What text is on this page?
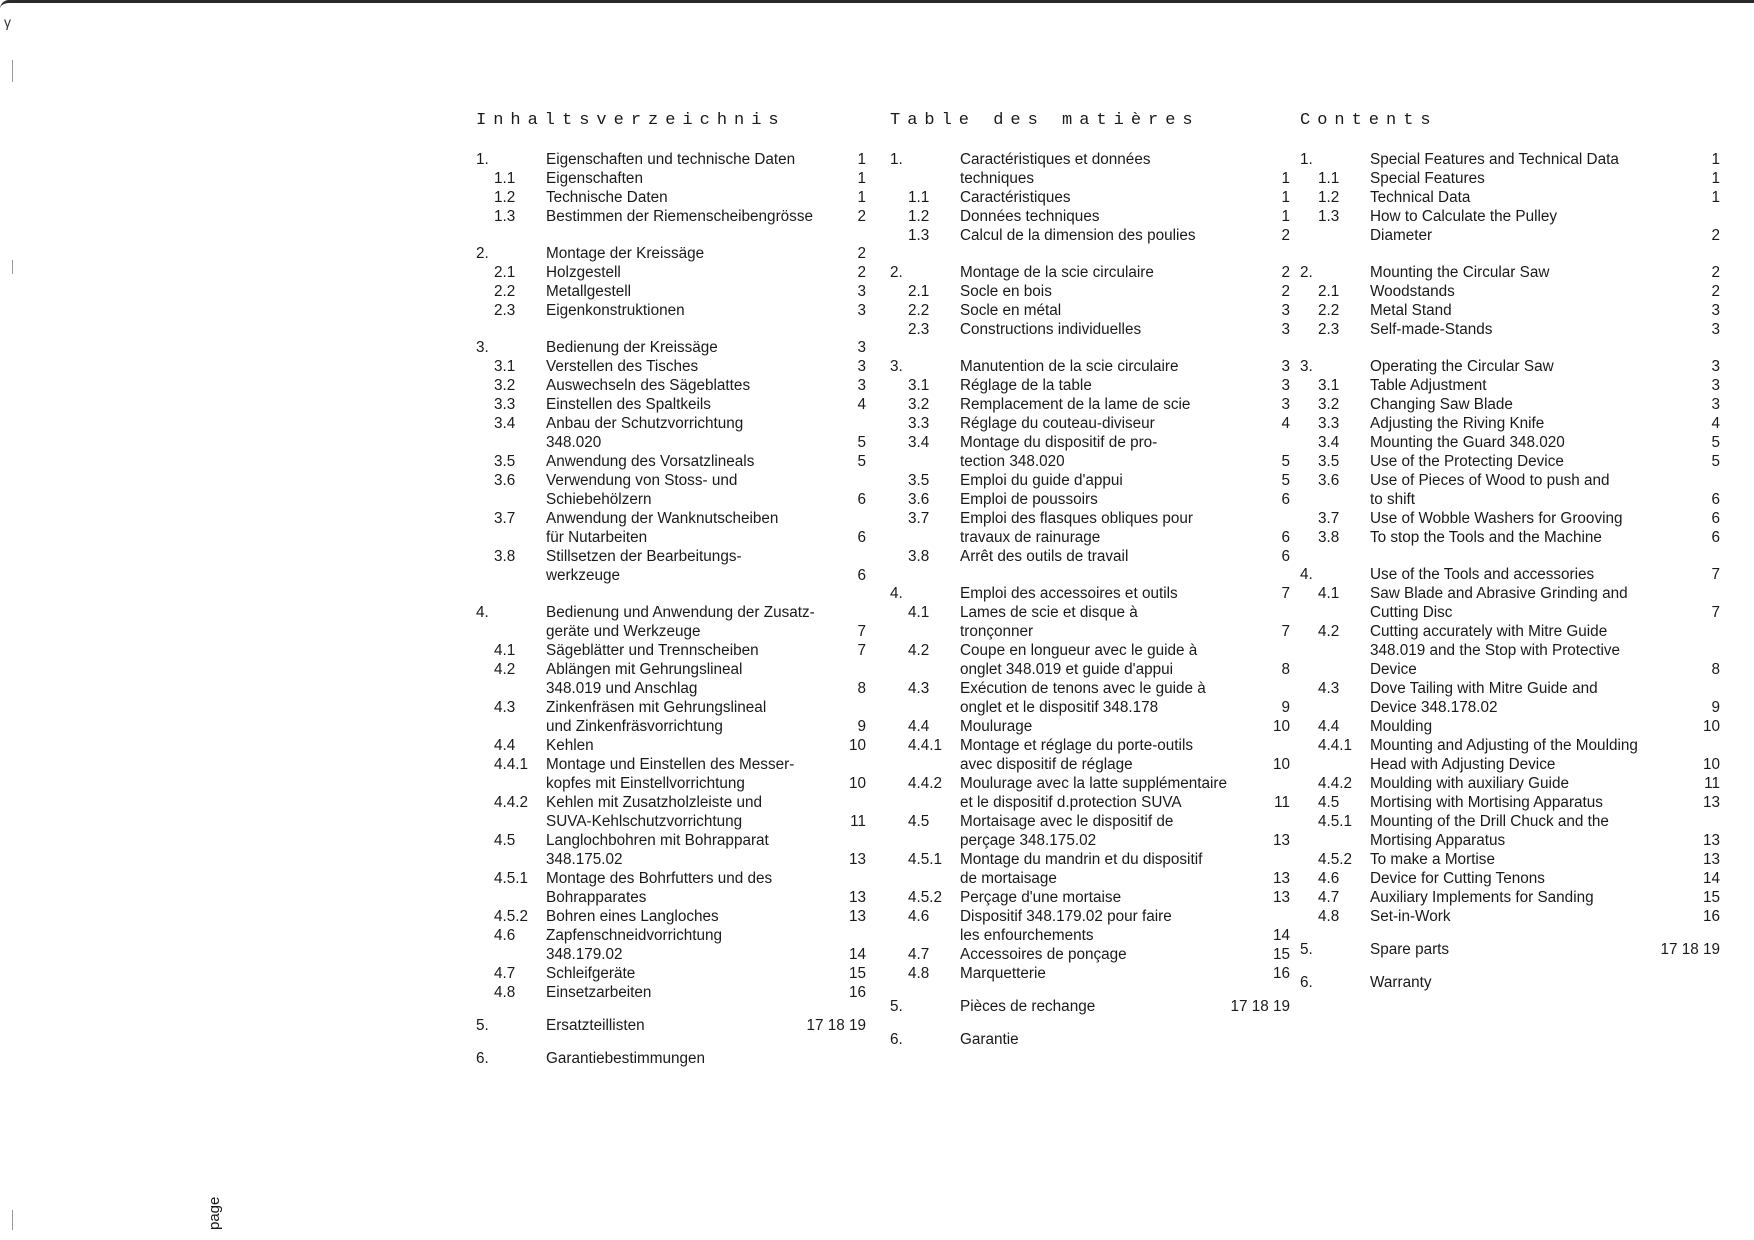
γ
Inhaltsverzeichnis
1.	Eigenschaften und technische Daten	1
1.1	Eigenschaften	1
1.2	Technische Daten	1
1.3	Bestimmen der Riemenscheibengrösse	2
2.	Montage der Kreissäge	2
2.1	Holzgestell	2
2.2	Metallgestell	3
2.3	Eigenkonstruktionen	3
3.	Bedienung der Kreissäge	3
3.1	Verstellen des Tisches	3
3.2	Auswechseln des Sägeblattes	3
3.3	Einstellen des Spaltkeils	4
3.4	Anbau der Schutzvorrichtung
348.020	5
3.5	Anwendung des Vorsatzlineals	5
3.6	Verwendung von Stoss- und
Schiebehölzern	6
3.7	Anwendung der Wanknutscheiben
für Nutarbeiten	6
3.8	Stillsetzen der Bearbeitungs-
werkzeuge	6
4.	Bedienung und Anwendung der Zusatz-
geräte und Werkzeuge	7
4.1	Sägeblätter und Trennscheiben	7
4.2	Ablängen mit Gehrungslineal
348.019 und Anschlag	8
4.3	Zinkenfräsen mit Gehrungslineal
und Zinkenfräsvorrichtung	9
4.4	Kehlen	10
4.4.1	Montage und Einstellen des Messer-
kopfes mit Einstellvorrichtung	10
4.4.2	Kehlen mit Zusatzholzleiste und
SUVA-Kehlschutzvorrichtung	11
4.5	Langlochbohren mit Bohrapparat
348.175.02	13
4.5.1	Montage des Bohrfutters und des
Bohrapparates	13
4.5.2	Bohren eines Langloches	13
4.6	Zapfenschneidvorrichtung
348.179.02	14
4.7	Schleifgeräte	15
4.8	Einsetzarbeiten	16
5.	Ersatzteillisten	17 18 19
6.	Garantiebestimmungen
Table des matières
1.	Caractéristiques et données
techniques	1
1.1	Caractéristiques	1
1.2	Données techniques	1
1.3	Calcul de la dimension des poulies	2
2.	Montage de la scie circulaire	2
2.1	Socle en bois	2
2.2	Socle en métal	3
2.3	Constructions individuelles	3
3.	Manutention de la scie circulaire	3
3.1	Réglage de la table	3
3.2	Remplacement de la lame de scie	3
3.3	Réglage du couteau-diviseur	4
3.4	Montage du dispositif de pro-
tection 348.020	5
3.5	Emploi du guide d'appui	5
3.6	Emploi de poussoirs	6
3.7	Emploi des flasques obliques pour
travaux de rainurage	6
3.8	Arrêt des outils de travail	6
4.	Emploi des accessoires et outils	7
4.1	Lames de scie et disque à
tronçonner	7
4.2	Coupe en longueur avec le guide à
onglet 348.019 et guide d'appui	8
4.3	Exécution de tenons avec le guide à
onglet et le dispositif 348.178	9
4.4	Moulurage	10
4.4.1	Montage et réglage du porte-outils
avec dispositif de réglage	10
4.4.2	Moulurage avec la latte supplémentaire
et le dispositif d.protection SUVA	11
4.5	Mortaisage avec le dispositif de
perçage 348.175.02	13
4.5.1	Montage du mandrin et du dispositif
de mortaisage	13
4.5.2	Perçage d'une mortaise	13
4.6	Dispositif 348.179.02 pour faire
les enfourchements	14
4.7	Accessoires de ponçage	15
4.8	Marquetterie	16
5.	Pièces de rechange	17 18 19
6.	Garantie
page
Contents
1.	Special Features and Technical Data	1
1.1	Special Features	1
1.2	Technical Data	1
1.3	How to Calculate the Pulley
Diameter	2
2.	Mounting the Circular Saw	2
2.1	Woodstands	2
2.2	Metal Stand	3
2.3	Self-made-Stands	3
3.	Operating the Circular Saw	3
3.1	Table Adjustment	3
3.2	Changing Saw Blade	3
3.3	Adjusting the Riving Knife	4
3.4	Mounting the Guard 348.020	5
3.5	Use of the Protecting Device	5
3.6	Use of Pieces of Wood to push and
to shift	6
3.7	Use of Wobble Washers for Grooving	6
3.8	To stop the Tools and the Machine	6
4.	Use of the Tools and accessories	7
4.1	Saw Blade and Abrasive Grinding and
Cutting Disc	7
4.2	Cutting accurately with Mitre Guide
348.019 and the Stop with Protective
Device	8
4.3	Dove Tailing with Mitre Guide and
Device 348.178.02	9
4.4	Moulding	10
4.4.1	Mounting and Adjusting of the Moulding
Head with Adjusting Device	10
4.4.2	Moulding with auxiliary Guide	11
4.5	Mortising with Mortising Apparatus	13
4.5.1	Mounting of the Drill Chuck and the
Mortising Apparatus	13
4.5.2	To make a Mortise	13
4.6	Device for Cutting Tenons	14
4.7	Auxiliary Implements for Sanding	15
4.8	Set-in-Work	16
5.	Spare parts	17 18 19
6.	Warranty
